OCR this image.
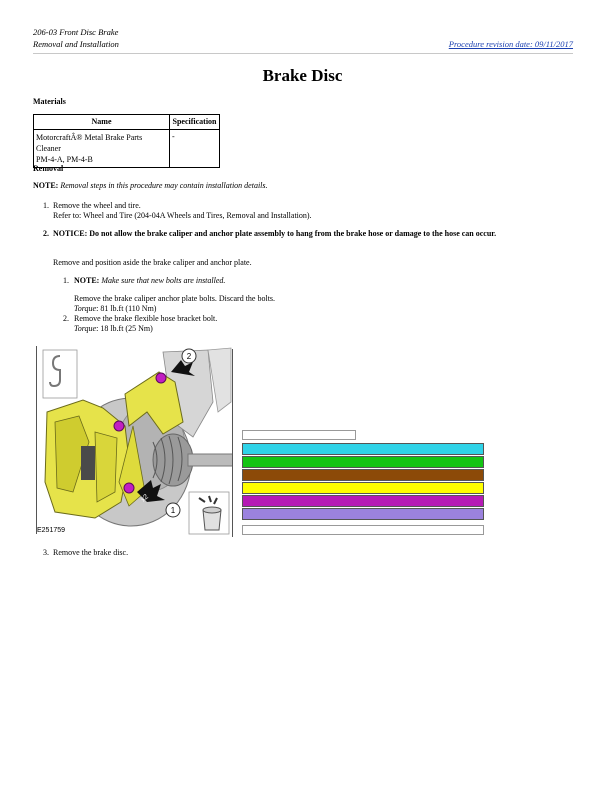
206-03 Front Disc Brake
Removal and Installation	Procedure revision date: 09/11/2017
Brake Disc
Materials
Name	Specification
MotorcraftÂ® Metal Brake Parts Cleaner
PM-4-A, PM-4-B	-
Removal
NOTE: Removal steps in this procedure may contain installation details.
1. Remove the wheel and tire.
Refer to: Wheel and Tire (204-04A Wheels and Tires, Removal and Installation).
2. NOTICE: Do not allow the brake caliper and anchor plate assembly to hang from the brake hose or damage to the hose can occur.
Remove and position aside the brake caliper and anchor plate.
1. NOTE: Make sure that new bolts are installed.
Remove the brake caliper anchor plate bolts. Discard the bolts.
Torque: 81 lb.ft (110 Nm)
2. Remove the brake flexible hose bracket bolt.
Torque: 18 lb.ft (25 Nm)
2
1
x2
E251759
3. Remove the brake disc.
